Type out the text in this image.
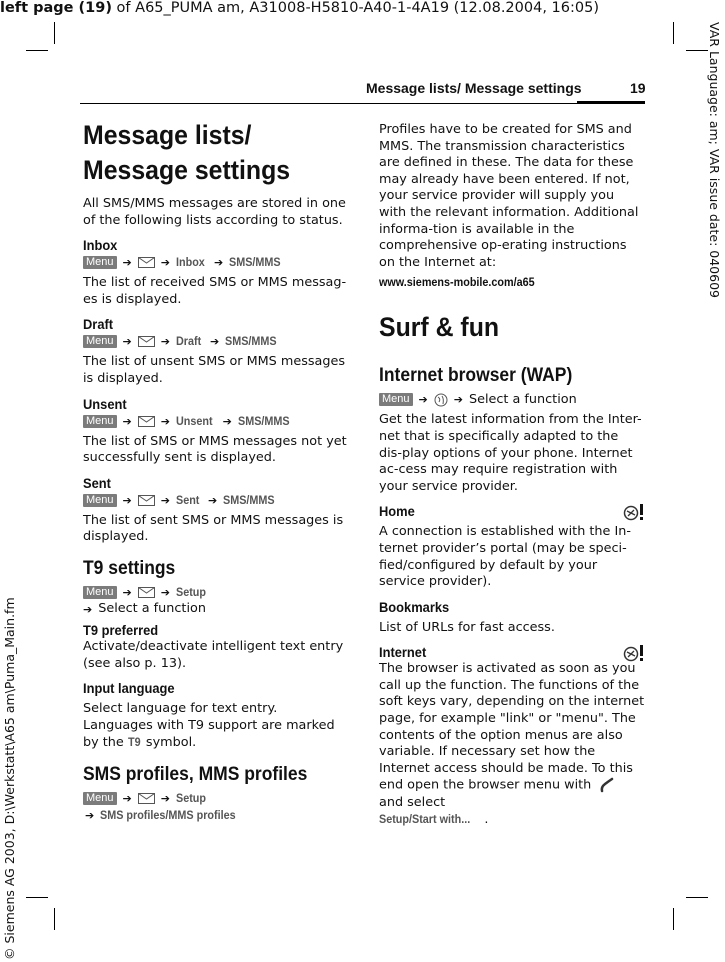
left page (19) of A65_PUMA am, A31008-H5810-A40-1-4A19 (12.08.2004, 16:05)
VAR Language: am; VAR issue date: 040609
© Siemens AG 2003, D:\Werkstatt\A65 am\Puma_Main.fm
Message lists/ Message settings	19
Message lists/
Message settings
All SMS/MMS messages are stored in one of the following lists according to status.
Inbox
Menu ➔	➔ Inbox ➔ SMS/MMS
The list of received SMS or MMS messag-es is displayed.
Draft
Menu ➔	➔ Draft ➔ SMS/MMS
The list of unsent SMS or MMS messages is displayed.
Unsent
Menu ➔	➔ Unsent ➔ SMS/MMS
The list of SMS or MMS messages not yet successfully sent is displayed.
Sent
Menu ➔	➔ Sent ➔ SMS/MMS
The list of sent SMS or MMS messages is displayed.
T9 settings
Menu ➔	➔ Setup
➔ Select a function
T9 preferred
Activate/deactivate intelligent text entry (see also p. 13).
Input language
Select language for text entry. Languages with T9 support are marked by the T9 symbol.
SMS profiles, MMS profiles
Menu ➔	➔ Setup
➔ SMS profiles/MMS profiles
Profiles have to be created for SMS and MMS. The transmission characteristics are defined in these. The data for these may already have been entered. If not, your service provider will supply you with the relevant information. Additional informa-tion is available in the comprehensive op-erating instructions on the Internet at:
www.siemens-mobile.com/a65
Surf & fun
Internet browser (WAP)
Menu ➔ ➔ Select a function
Get the latest information from the Inter-net that is specifically adapted to the dis-play options of your phone. Internet ac-cess may require registration with your service provider.
Home
A connection is established with the In-ternet provider’s portal (may be speci-fied/configured by default by your service provider).
Bookmarks
List of URLs for fast access.
Internet
The browser is activated as soon as you call up the function. The functions of the soft keys vary, depending on the internet page, for example "link" or "menu". The contents of the option menus are also variable. If necessary set how the Internet access should be made. To this end open the browser menu with  and select
Setup/Start with... .
